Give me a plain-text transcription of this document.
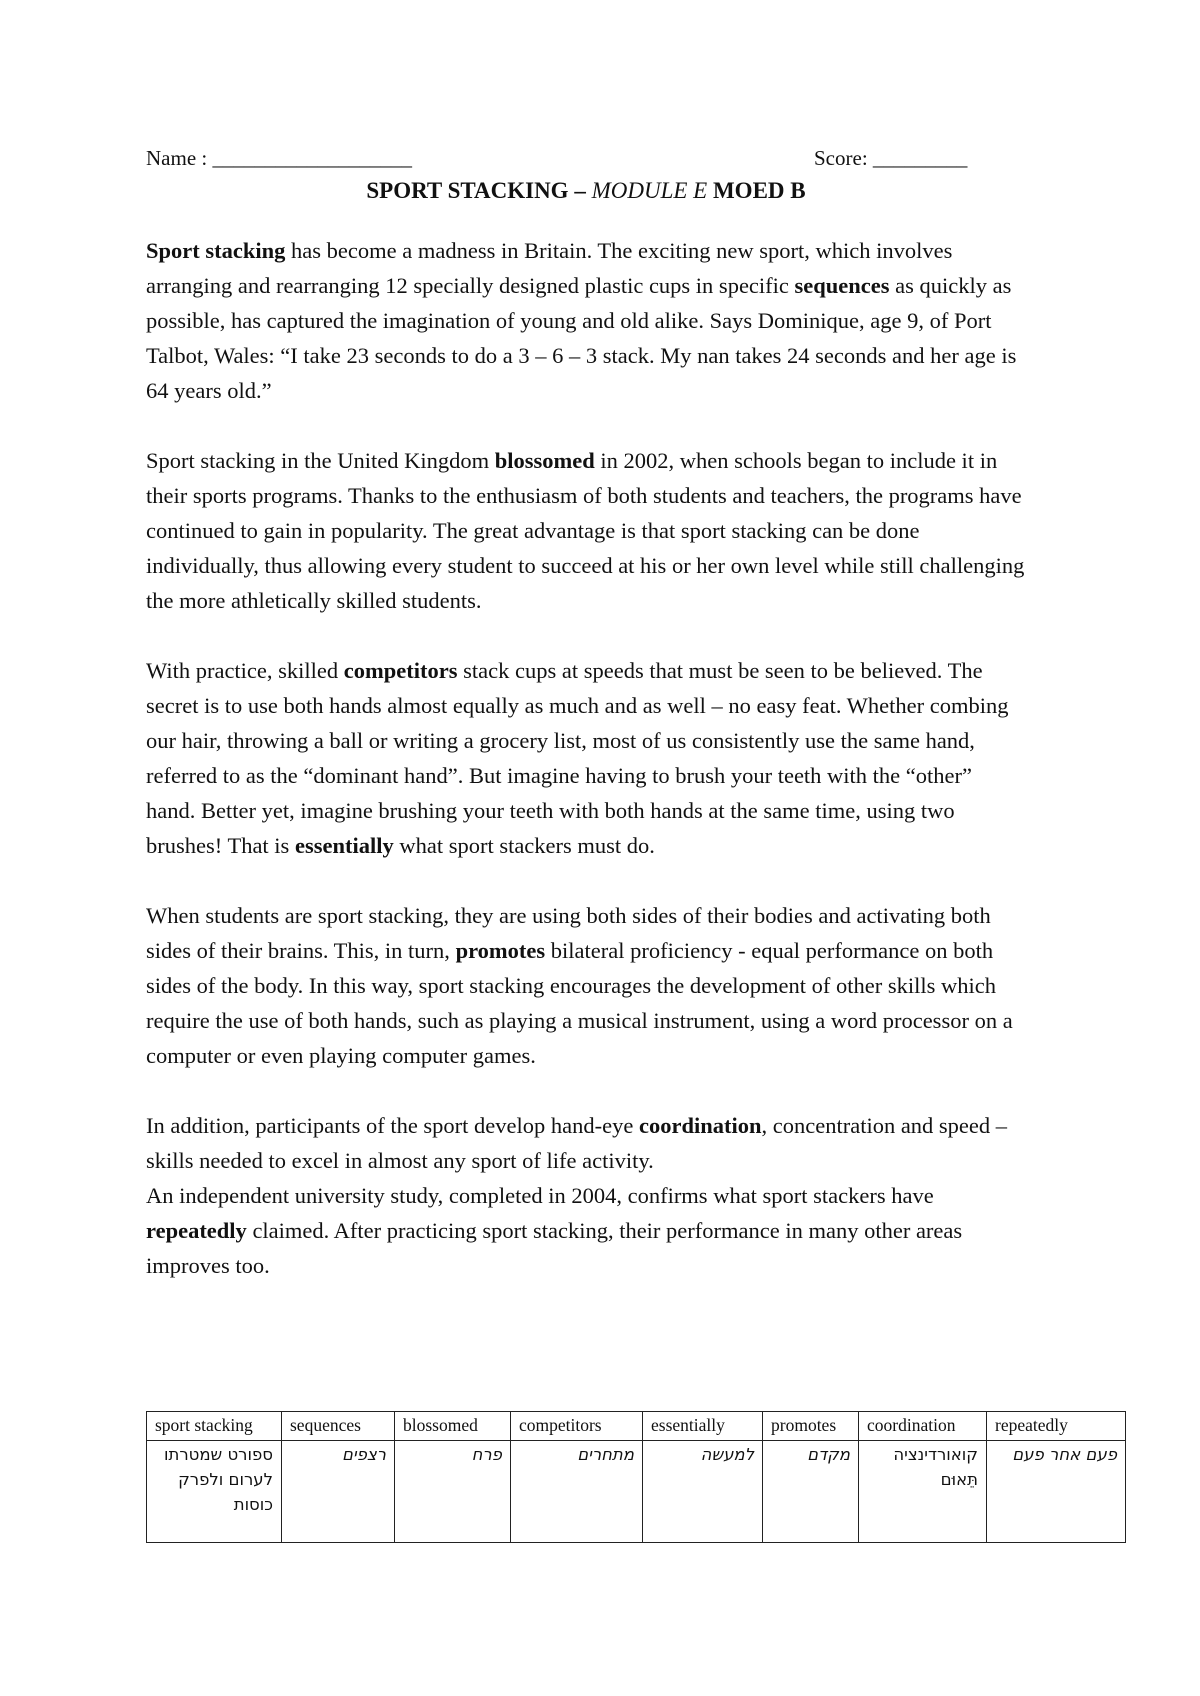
Name : ___________________	Score: _________
SPORT STACKING – MODULE E MOED B

Sport stacking has become a madness in Britain. The exciting new sport, which involves arranging and rearranging 12 specially designed plastic cups in specific sequences as quickly as possible, has captured the imagination of young and old alike. Says Dominique, age 9, of Port Talbot, Wales: “I take 23 seconds to do a 3 – 6 – 3 stack. My nan takes 24 seconds and her age is 64 years old.”

Sport stacking in the United Kingdom blossomed in 2002, when schools began to include it in their sports programs. Thanks to the enthusiasm of both students and teachers, the programs have continued to gain in popularity. The great advantage is that sport stacking can be done individually, thus allowing every student to succeed at his or her own level while still challenging the more athletically skilled students.

With practice, skilled competitors stack cups at speeds that must be seen to be believed. The secret is to use both hands almost equally as much and as well – no easy feat. Whether combing our hair, throwing a ball or writing a grocery list, most of us consistently use the same hand, referred to as the “dominant hand”. But imagine having to brush your teeth with the “other” hand. Better yet, imagine brushing your teeth with both hands at the same time, using two brushes! That is essentially what sport stackers must do.

When students are sport stacking, they are using both sides of their bodies and activating both sides of their brains. This, in turn, promotes bilateral proficiency - equal performance on both sides of the body. In this way, sport stacking encourages the development of other skills which require the use of both hands, such as playing a musical instrument, using a word processor on a computer or even playing computer games.

In addition, participants of the sport develop hand-eye coordination, concentration and speed – skills needed to excel in almost any sport of life activity.

An independent university study, completed in 2004, confirms what sport stackers have repeatedly claimed. After practicing sport stacking, their performance in many other areas improves too.

sport stacking	sequences	blossomed	competitors	essentially	promotes	coordination	repeatedly
ספורט שמטרתו לערום ולפרק כוסות	רצפים	פרח	מתחרים	למעשה	מקדם	קואורדינציה תֵּאוּם	פעם אחר פעם
